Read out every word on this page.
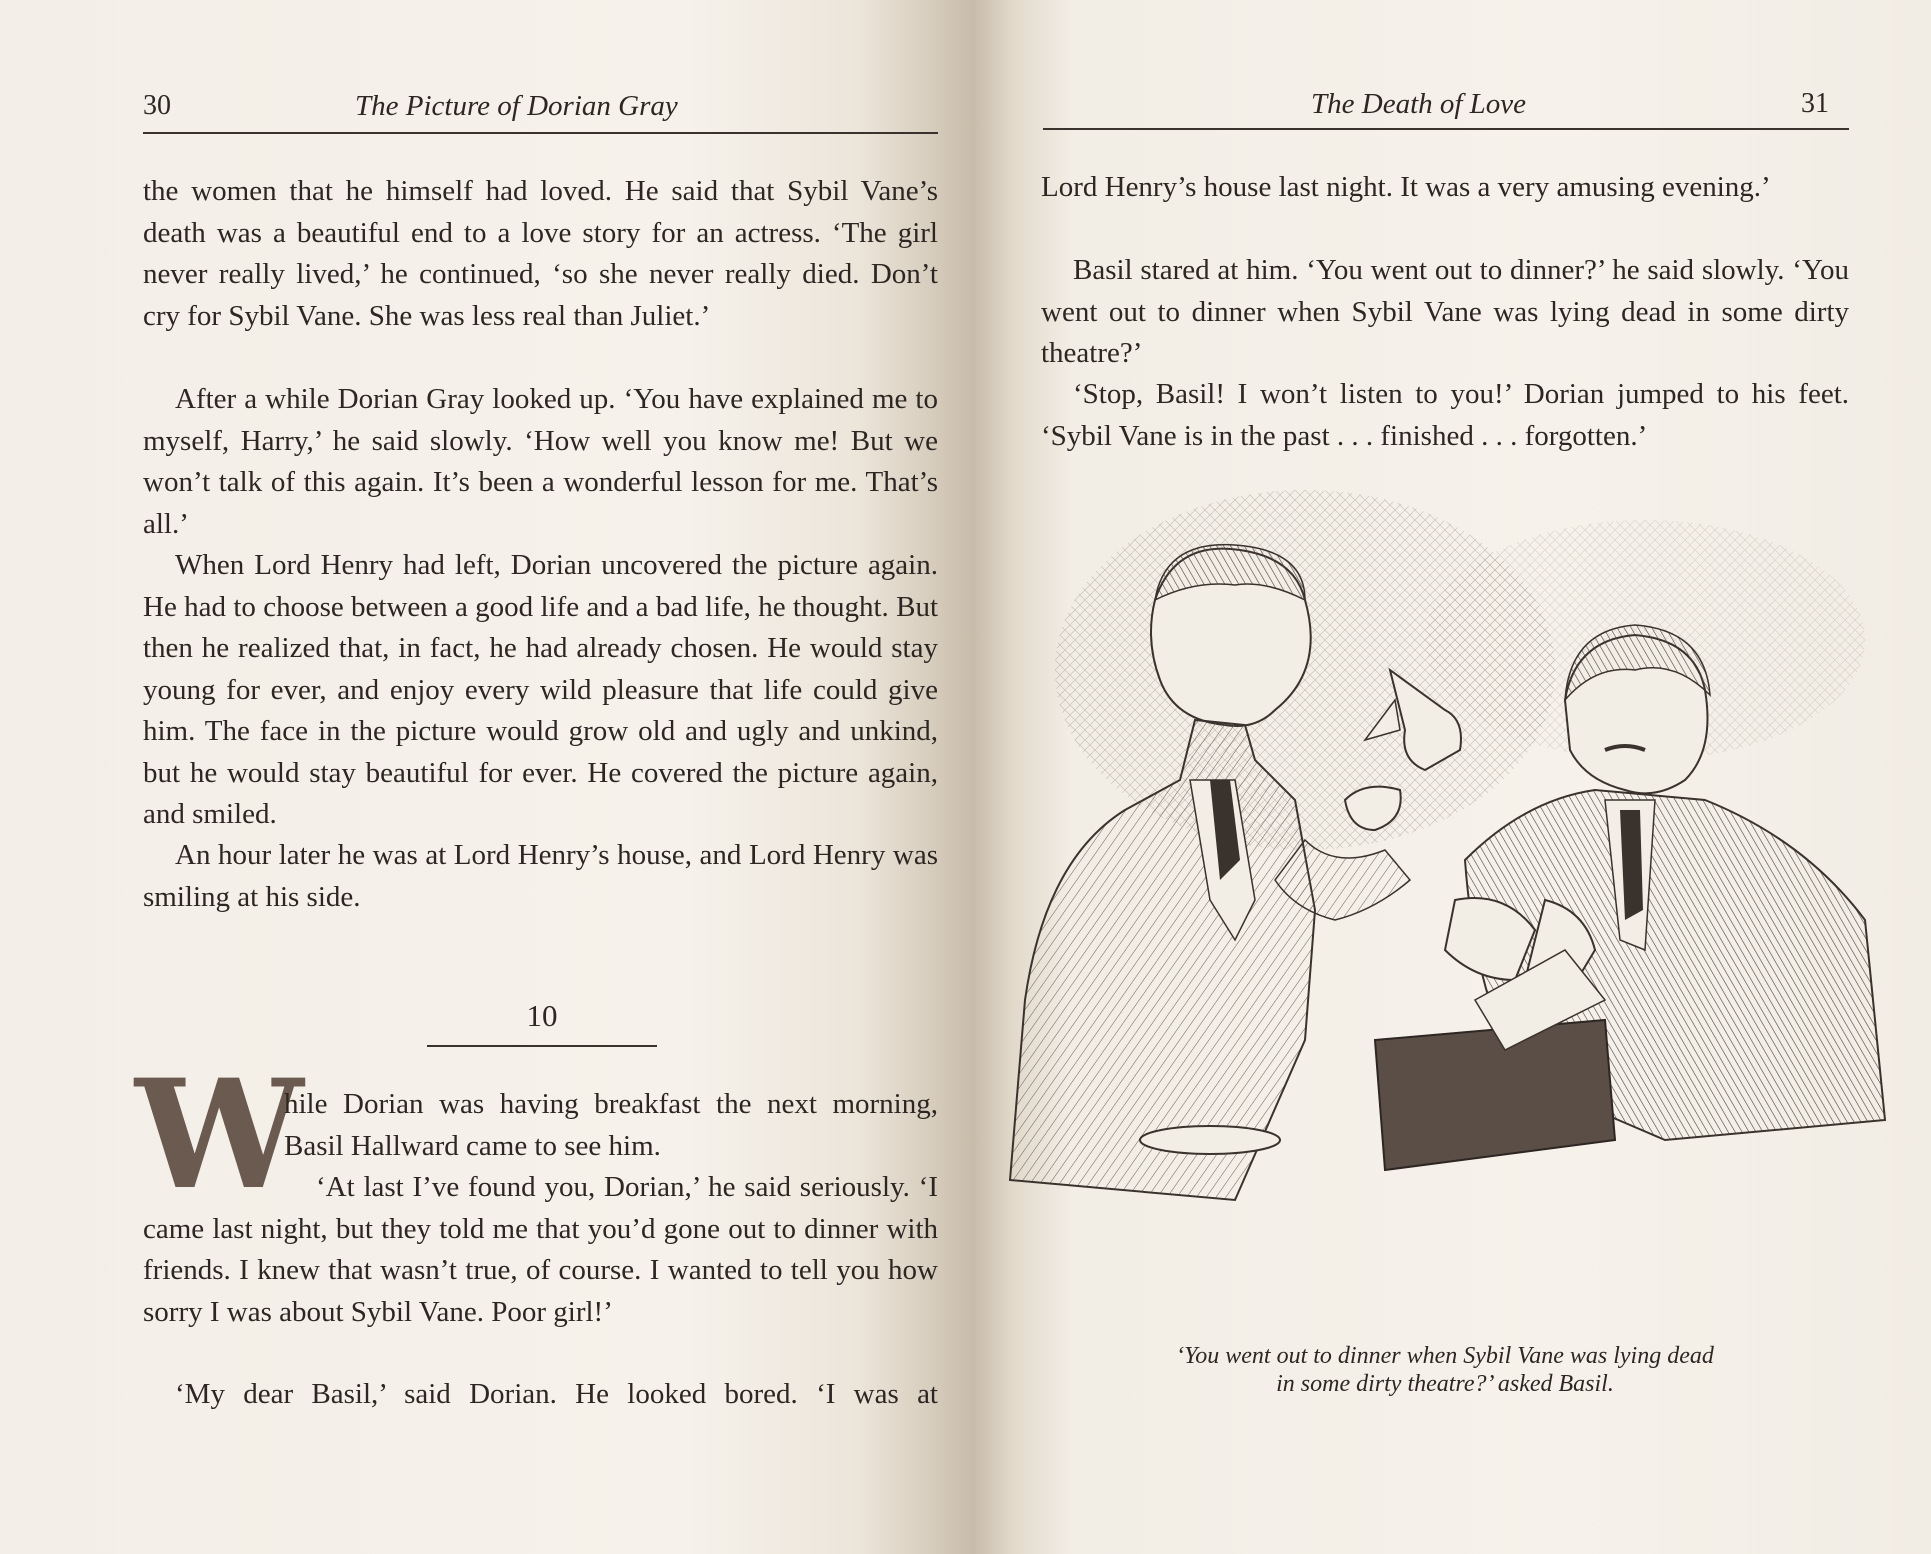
30	The Picture of Dorian Gray

the women that he himself had loved. He said that Sybil Vane’s death was a beautiful end to a love story for an actress. ‘The girl never really lived,’ he continued, ‘so she never really died. Don’t cry for Sybil Vane. She was less real than Juliet.’

After a while Dorian Gray looked up. ‘You have explained me to myself, Harry,’ he said slowly. ‘How well you know me! But we won’t talk of this again. It’s been a wonderful lesson for me. That’s all.’

When Lord Henry had left, Dorian uncovered the picture again. He had to choose between a good life and a bad life, he thought. But then he realized that, in fact, he had already chosen. He would stay young for ever, and enjoy every wild pleasure that life could give him. The face in the picture would grow old and ugly and unkind, but he would stay beautiful for ever. He covered the picture again, and smiled.

An hour later he was at Lord Henry’s house, and Lord Henry was smiling at his side.

10
W

hile Dorian was having breakfast the next morning, Basil Hallward came to see him.

‘At last I’ve found you, Dorian,’ he said seriously. ‘I came last night, but they told me that you’d gone out to dinner with friends. I knew that wasn’t true, of course. I wanted to tell you how sorry I was about Sybil Vane. Poor girl!’

‘My dear Basil,’ said Dorian. He looked bored. ‘I was at

The Death of Love	31

Lord Henry’s house last night. It was a very amusing evening.’

Basil stared at him. ‘You went out to dinner?’ he said slowly. ‘You went out to dinner when Sybil Vane was lying dead in some dirty theatre?’

‘Stop, Basil! I won’t listen to you!’ Dorian jumped to his feet. ‘Sybil Vane is in the past . . . finished . . . forgotten.’

‘You went out to dinner when Sybil Vane was lying dead
in some dirty theatre?’ asked Basil.
